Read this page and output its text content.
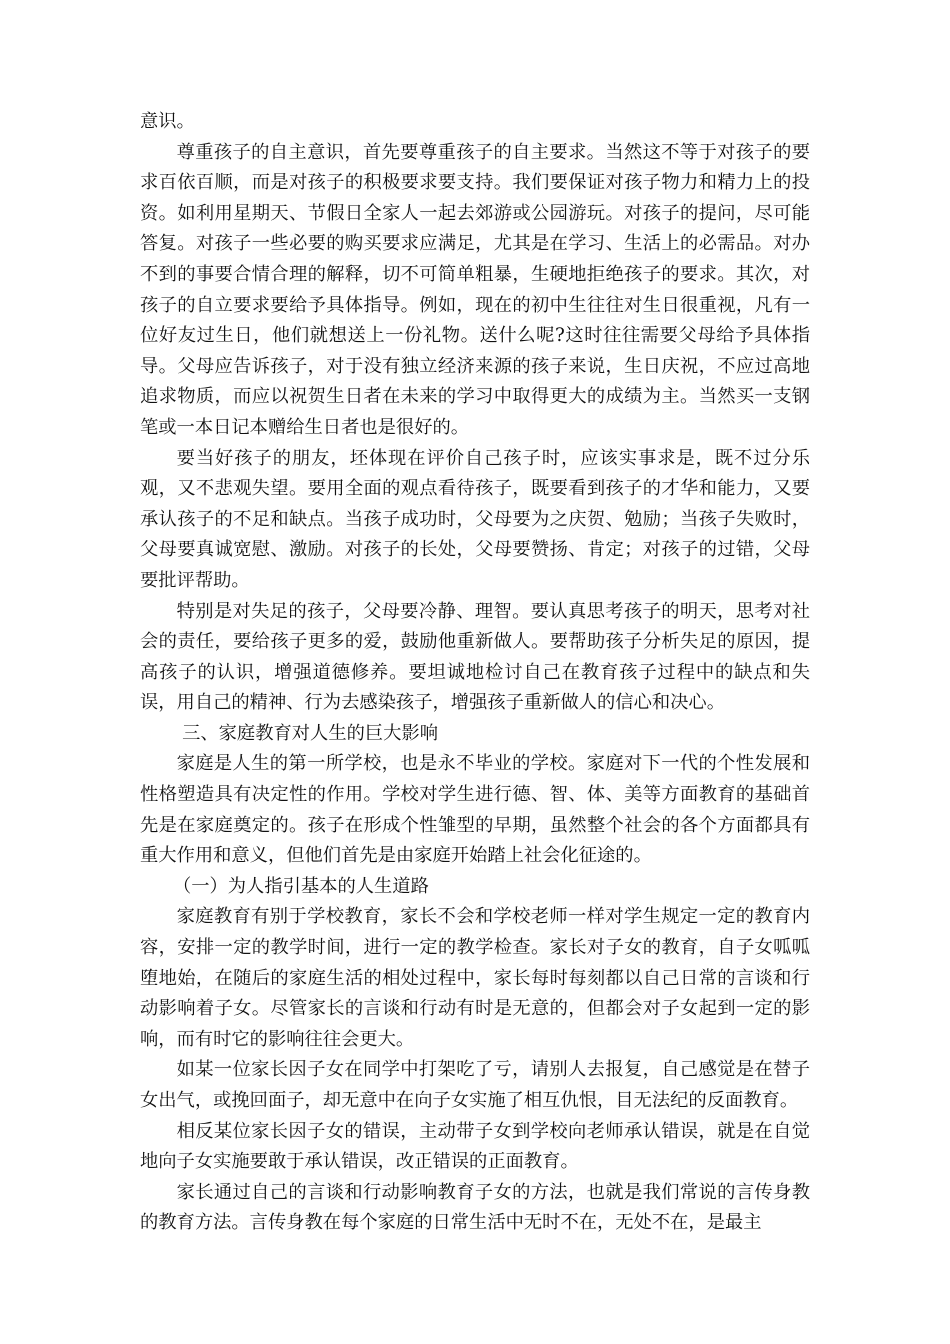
意识。

尊重孩子的自主意识，首先要尊重孩子的自主要求。当然这不等于对孩子的要求百依百顺，而是对孩子的积极要求要支持。我们要保证对孩子物力和精力上的投资。如利用星期天、节假日全家人一起去郊游或公园游玩。对孩子的提问，尽可能答复。对孩子一些必要的购买要求应满足，尤其是在学习、生活上的必需品。对办不到的事要合情合理的解释，切不可简单粗暴，生硬地拒绝孩子的要求。其次，对孩子的自立要求要给予具体指导。例如，现在的初中生往往对生日很重视，凡有一位好友过生日，他们就想送上一份礼物。送什么呢?这时往往需要父母给予具体指导。父母应告诉孩子，对于没有独立经济来源的孩子来说，生日庆祝，不应过高地追求物质，而应以祝贺生日者在未来的学习中取得更大的成绩为主。当然买一支钢笔或一本日记本赠给生日者也是很好的。

要当好孩子的朋友，坯体现在评价自己孩子时，应该实事求是，既不过分乐观，又不悲观失望。要用全面的观点看待孩子，既要看到孩子的才华和能力，又要承认孩子的不足和缺点。当孩子成功时，父母要为之庆贺、勉励；当孩子失败时，父母要真诚宽慰、激励。对孩子的长处，父母要赞扬、肯定；对孩子的过错，父母要批评帮助。

特别是对失足的孩子，父母要冷静、理智。要认真思考孩子的明天，思考对社会的责任，要给孩子更多的爱，鼓励他重新做人。要帮助孩子分析失足的原因，提高孩子的认识，增强道德修养。要坦诚地检讨自己在教育孩子过程中的缺点和失误，用自己的精神、行为去感染孩子，增强孩子重新做人的信心和决心。

三、家庭教育对人生的巨大影响

家庭是人生的第一所学校，也是永不毕业的学校。家庭对下一代的个性发展和性格塑造具有决定性的作用。学校对学生进行德、智、体、美等方面教育的基础首先是在家庭奠定的。孩子在形成个性雏型的早期，虽然整个社会的各个方面都具有重大作用和意义，但他们首先是由家庭开始踏上社会化征途的。

（一）为人指引基本的人生道路

家庭教育有别于学校教育，家长不会和学校老师一样对学生规定一定的教育内容，安排一定的教学时间，进行一定的教学检查。家长对子女的教育，自子女呱呱堕地始，在随后的家庭生活的相处过程中，家长每时每刻都以自己日常的言谈和行动影响着子女。尽管家长的言谈和行动有时是无意的，但都会对子女起到一定的影响，而有时它的影响往往会更大。

如某一位家长因子女在同学中打架吃了亏，请别人去报复，自己感觉是在替子女出气，或挽回面子，却无意中在向子女实施了相互仇恨，目无法纪的反面教育。

相反某位家长因子女的错误，主动带子女到学校向老师承认错误，就是在自觉地向子女实施要敢于承认错误，改正错误的正面教育。

家长通过自己的言谈和行动影响教育子女的方法，也就是我们常说的言传身教的教育方法。言传身教在每个家庭的日常生活中无时不在，无处不在，是最主
